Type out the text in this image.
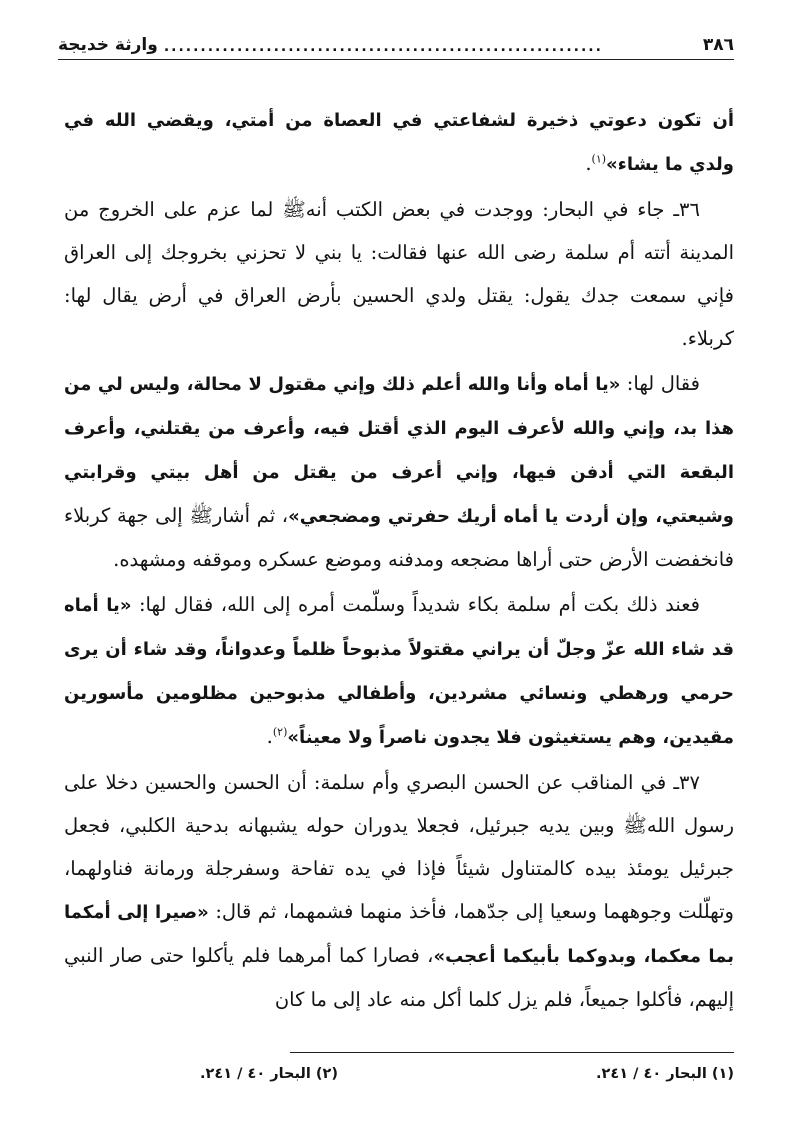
٣٨٦
............................................................
وارثة خديجة

أن تكون دعوتي ذخيرة لشفاعتي في العصاة من أمتي، ويقضي الله في ولدي ما يشاء»$^{(١)}$.

٣٦ـ جاء في البحار: ووجدت في بعض الكتب أنهﷺ لما عزم على الخروج من المدينة أتته أم سلمة رضى الله عنها فقالت: يا بني لا تحزني بخروجك إلى العراق فإني سمعت جدك يقول: يقتل ولدي الحسين بأرض العراق في أرض يقال لها: كربلاء.

فقال لها: «يا أماه وأنا والله أعلم ذلك وإني مقتول لا محالة، وليس لي من هذا بد، وإني والله لأعرف اليوم الذي أقتل فيه، وأعرف من يقتلني، وأعرف البقعة التي أدفن فيها، وإني أعرف من يقتل من أهل بيتي وقرابتي وشيعتي، وإن أردت يا أماه أريك حفرتي ومضجعي»، ثم أشارﷺ إلى جهة كربلاء فانخفضت الأرض حتى أراها مضجعه ومدفنه وموضع عسكره وموقفه ومشهده.

فعند ذلك بكت أم سلمة بكاء شديداً وسلّمت أمره إلى الله، فقال لها: «يا أماه قد شاء الله عزّ وجلّ أن يراني مقتولاً مذبوحاً ظلماً وعدواناً، وقد شاء أن يرى حرمي ورهطي ونسائي مشردين، وأطفالي مذبوحين مظلومين مأسورين مقيدين، وهم يستغيثون فلا يجدون ناصراً ولا معيناً»$^{(٢)}$.

٣٧ـ في المناقب عن الحسن البصري وأم سلمة: أن الحسن والحسين دخلا على رسول اللهﷺ وبين يديه جبرئيل، فجعلا يدوران حوله يشبهانه بدحية الكلبي، فجعل جبرئيل يومئذ بيده كالمتناول شيئاً فإذا في يده تفاحة وسفرجلة ورمانة فناولهما، وتهلّلت وجوههما وسعيا إلى جدّهما، فأخذ منهما فشمهما، ثم قال: «صيرا إلى أمكما بما معكما، وبدوكما بأبيكما أعجب»، فصارا كما أمرهما فلم يأكلوا حتى صار النبي إليهم، فأكلوا جميعاً، فلم يزل كلما أكل منه عاد إلى ما كان

(١) البحار ٤٠ / ٢٤١.
(٢) البحار ٤٠ / ٢٤١.
